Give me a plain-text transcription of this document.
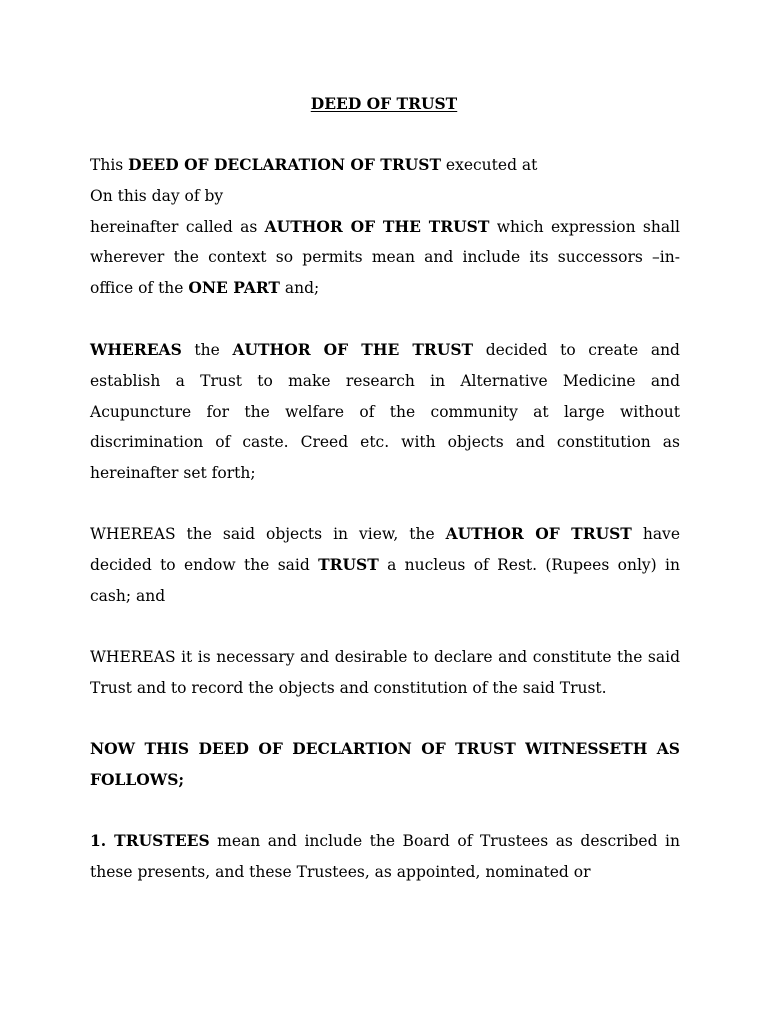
DEED OF TRUST
This DEED OF DECLARATION OF TRUST executed at
On this day of by
hereinafter called as AUTHOR OF THE TRUST which expression shall wherever the context so permits mean and include its successors –in-office of the ONE PART and;
WHEREAS the AUTHOR OF THE TRUST decided to create and establish a Trust to make research in Alternative Medicine and Acupuncture for the welfare of the community at large without discrimination of caste. Creed etc. with objects and constitution as hereinafter set forth;
WHEREAS the said objects in view, the AUTHOR OF TRUST have decided to endow the said TRUST a nucleus of Rest. (Rupees only) in cash; and
WHEREAS it is necessary and desirable to declare and constitute the said Trust and to record the objects and constitution of the said Trust.
NOW THIS DEED OF DECLARTION OF TRUST WITNESSETH AS FOLLOWS;
1. TRUSTEES mean and include the Board of Trustees as described in these presents, and these Trustees, as appointed, nominated or
